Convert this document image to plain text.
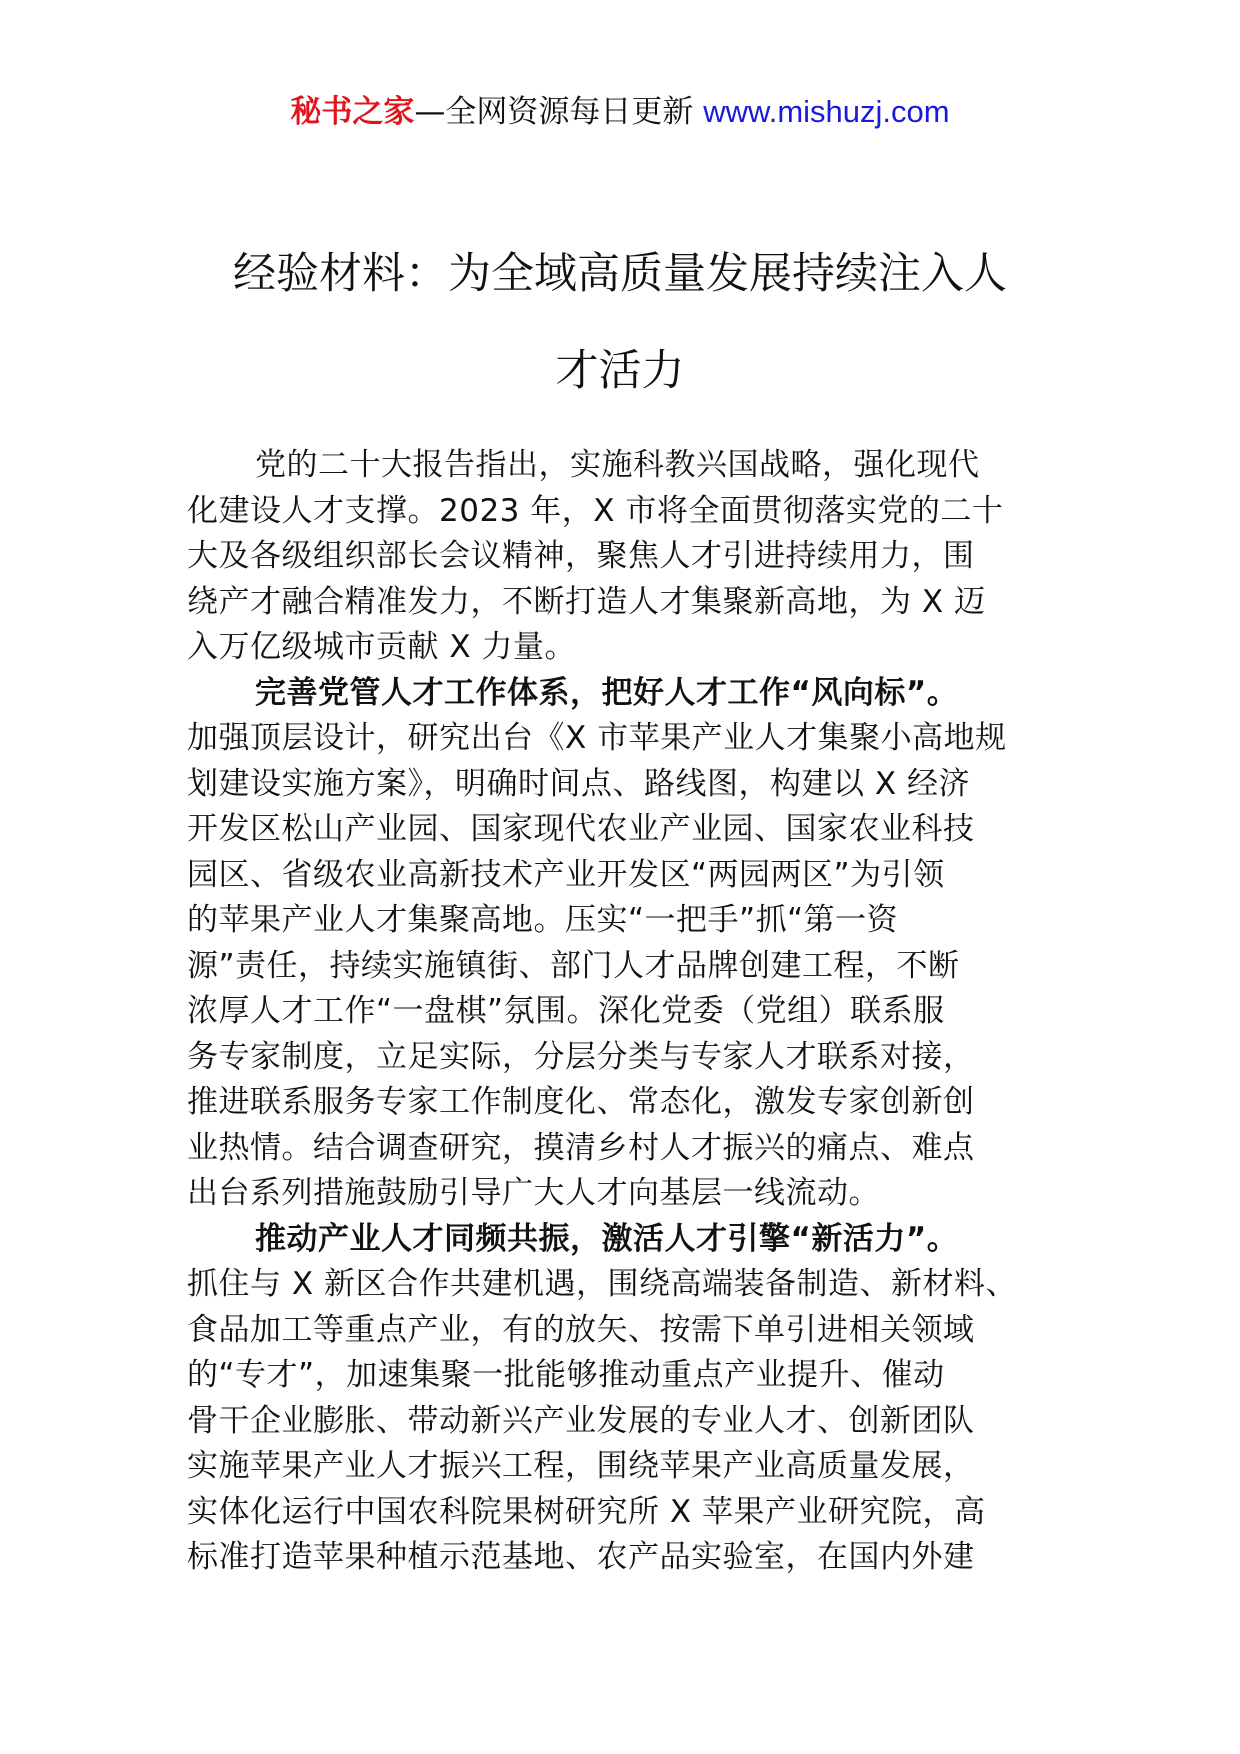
秘书之家—全网资源每日更新 www.mishuzj.com
经验材料：为全域高质量发展持续注入人
才活力
党的二十大报告指出，实施科教兴国战略，强化现代
化建设人才支撑。2023 年，X 市将全面贯彻落实党的二十
大及各级组织部长会议精神，聚焦人才引进持续用力，围
绕产才融合精准发力，不断打造人才集聚新高地，为 X 迈
入万亿级城市贡献 X 力量。
完善党管人才工作体系，把好人才工作“风向标”。
加强顶层设计，研究出台《X 市苹果产业人才集聚小高地规
划建设实施方案》，明确时间点、路线图，构建以 X 经济
开发区松山产业园、国家现代农业产业园、国家农业科技
园区、省级农业高新技术产业开发区“两园两区”为引领
的苹果产业人才集聚高地。压实“一把手”抓“第一资
源”责任，持续实施镇街、部门人才品牌创建工程，不断
浓厚人才工作“一盘棋”氛围。深化党委（党组）联系服
务专家制度，立足实际，分层分类与专家人才联系对接，
推进联系服务专家工作制度化、常态化，激发专家创新创
业热情。结合调查研究，摸清乡村人才振兴的痛点、难点
出台系列措施鼓励引导广大人才向基层一线流动。
推动产业人才同频共振，激活人才引擎“新活力”。
抓住与 X 新区合作共建机遇，围绕高端装备制造、新材料、
食品加工等重点产业，有的放矢、按需下单引进相关领域
的“专才”，加速集聚一批能够推动重点产业提升、催动
骨干企业膨胀、带动新兴产业发展的专业人才、创新团队
实施苹果产业人才振兴工程，围绕苹果产业高质量发展，
实体化运行中国农科院果树研究所 X 苹果产业研究院，高
标准打造苹果种植示范基地、农产品实验室，在国内外建
